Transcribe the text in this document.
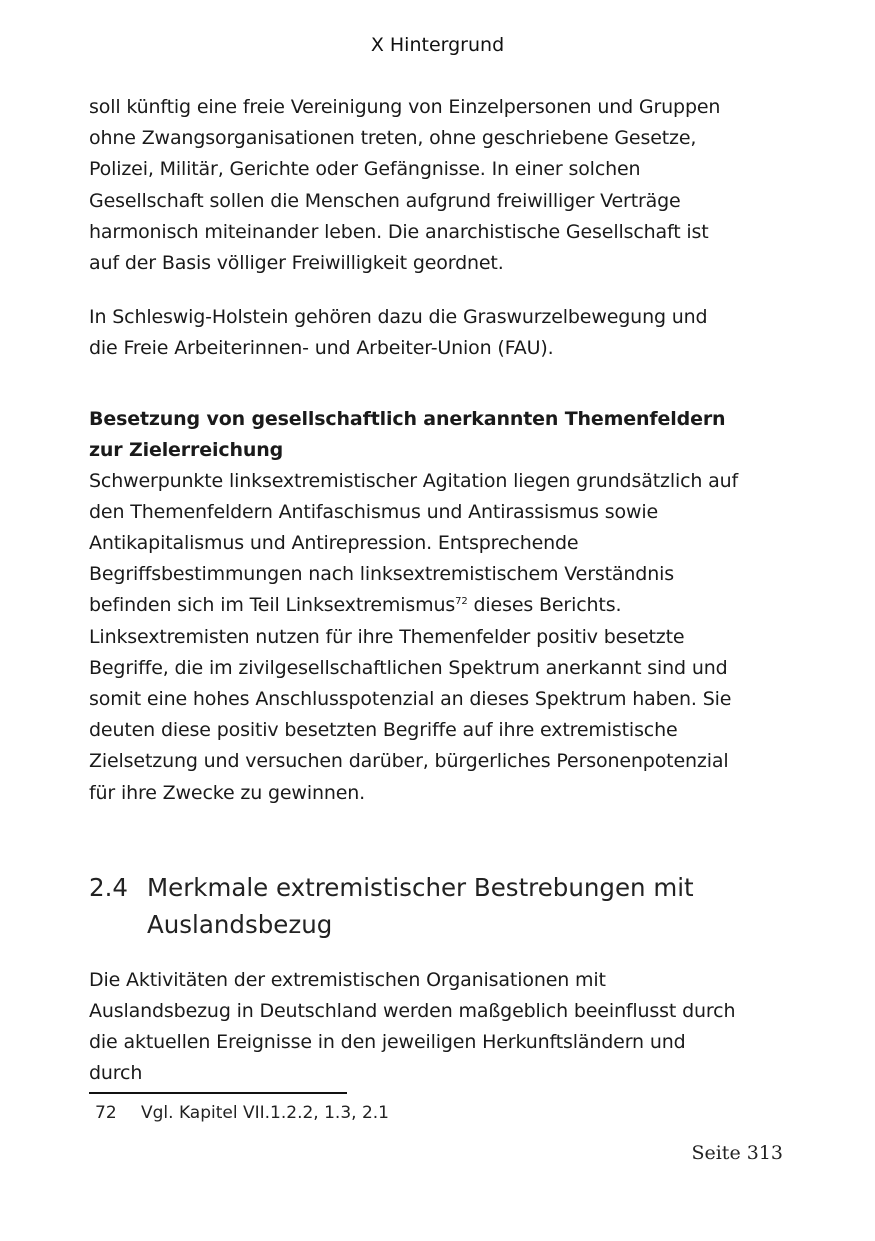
X Hintergrund

soll künftig eine freie Vereinigung von Einzelpersonen und Gruppen ohne Zwangsorganisationen treten, ohne geschriebene Gesetze, Polizei, Militär, Gerichte oder Gefängnisse. In einer solchen Gesellschaft sollen die Menschen aufgrund freiwilliger Verträge harmonisch miteinander leben. Die anarchistische Gesellschaft ist auf der Basis völliger Freiwilligkeit geordnet.

In Schleswig-Holstein gehören dazu die Graswurzelbewegung und die Freie Arbeiterinnen- und Arbeiter-Union (FAU).

Besetzung von gesellschaftlich anerkannten Themenfeldern zur Zielerreichung

Schwerpunkte linksextremistischer Agitation liegen grundsätzlich auf den Themenfeldern Antifaschismus und Antirassismus sowie Antikapitalismus und Antirepression. Entsprechende Begriffsbestimmungen nach linksextremistischem Verständnis befinden sich im Teil Linksextremismus$^{72}$ dieses Berichts. Linksextremisten nutzen für ihre Themenfelder positiv besetzte Begriffe, die im zivilgesellschaftlichen Spektrum anerkannt sind und somit eine hohes Anschlusspotenzial an dieses Spektrum haben. Sie deuten diese positiv besetzten Begriffe auf ihre extremistische Zielsetzung und versuchen darüber, bürgerliches Personenpotenzial für ihre Zwecke zu gewinnen.

2.4 Merkmale extremistischer Bestrebungen mit Auslandsbezug

Die Aktivitäten der extremistischen Organisationen mit Auslandsbezug in Deutschland werden maßgeblich beeinflusst durch die aktuellen Ereignisse in den jeweiligen Herkunftsländern und durch

72	Vgl. Kapitel VII.1.2.2, 1.3, 2.1
Seite 313
